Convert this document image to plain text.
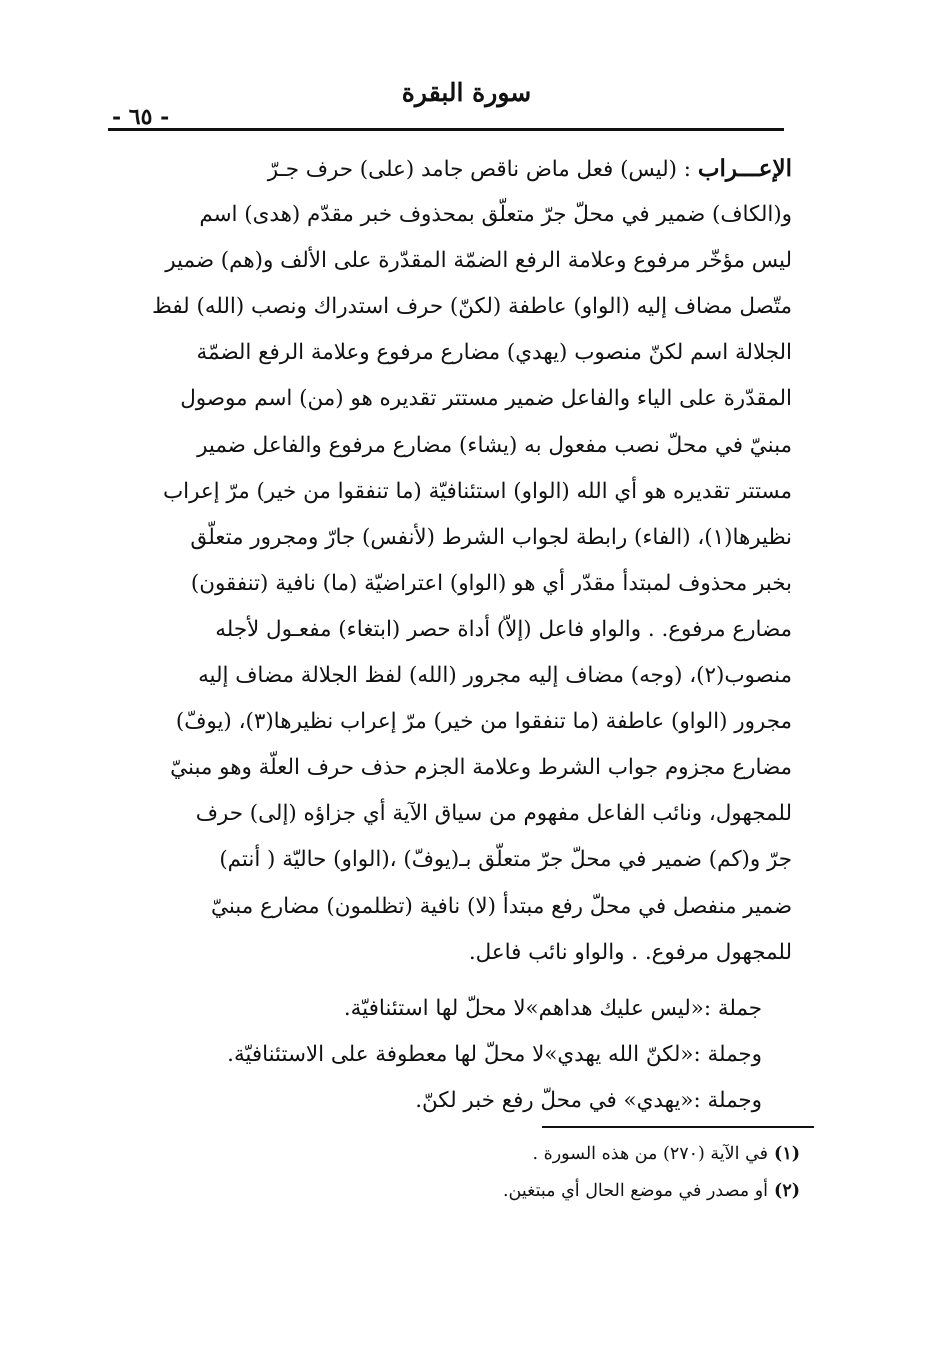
سورة البقرة
- ٦٥ -
الإعـــراب : (ليس) فعل ماض ناقص جامد (على) حرف جـرّ
و(الكاف) ضمير في محلّ جرّ متعلّق بمحذوف خبر مقدّم (هدى) اسم
ليس مؤخّر مرفوع وعلامة الرفع الضمّة المقدّرة على الألف و(هم) ضمير
متّصل مضاف إليه (الواو) عاطفة (لكنّ) حرف استدراك ونصب (الله) لفظ
الجلالة اسم لكنّ منصوب (يهدي) مضارع مرفوع وعلامة الرفع الضمّة
المقدّرة على الياء والفاعل ضمير مستتر تقديره هو (من) اسم موصول
مبنيّ في محلّ نصب مفعول به (يشاء) مضارع مرفوع والفاعل ضمير
مستتر تقديره هو أي الله (الواو) استئنافيّة (ما تنفقوا من خير) مرّ إعراب
نظيرها(١)، (الفاء) رابطة لجواب الشرط (لأنفس) جارّ ومجرور متعلّق
بخبر محذوف لمبتدأ مقدّر أي هو (الواو) اعتراضيّة (ما) نافية (تنفقون)
مضارع مرفوع. . والواو فاعل (إلاّ) أداة حصر (ابتغاء) مفعـول لأجله
منصوب(٢)، (وجه) مضاف إليه مجرور (الله) لفظ الجلالة مضاف إليه
مجرور (الواو) عاطفة (ما تنفقوا من خير) مرّ إعراب نظيرها(٣)، (يوفّ)
مضارع مجزوم جواب الشرط وعلامة الجزم حذف حرف العلّة وهو مبنيّ
للمجهول، ونائب الفاعل مفهوم من سياق الآية أي جزاؤه (إلى) حرف
جرّ و(كم) ضمير في محلّ جرّ متعلّق بـ(يوفّ) ،(الواو) حاليّة ( أنتم)
ضمير منفصل في محلّ رفع مبتدأ (لا) نافية (تظلمون) مضارع مبنيّ
للمجهول مرفوع. . والواو نائب فاعل.
جملة :«ليس عليك هداهم»لا محلّ لها استئنافيّة.
وجملة :«لكنّ الله يهدي»لا محلّ لها معطوفة على الاستئنافيّة.
وجملة :«يهدي» في محلّ رفع خبر لكنّ.
(١)في الآية (٢٧٠) من هذه السورة .
(٢)أو مصدر في موضع الحال أي مبتغين.
